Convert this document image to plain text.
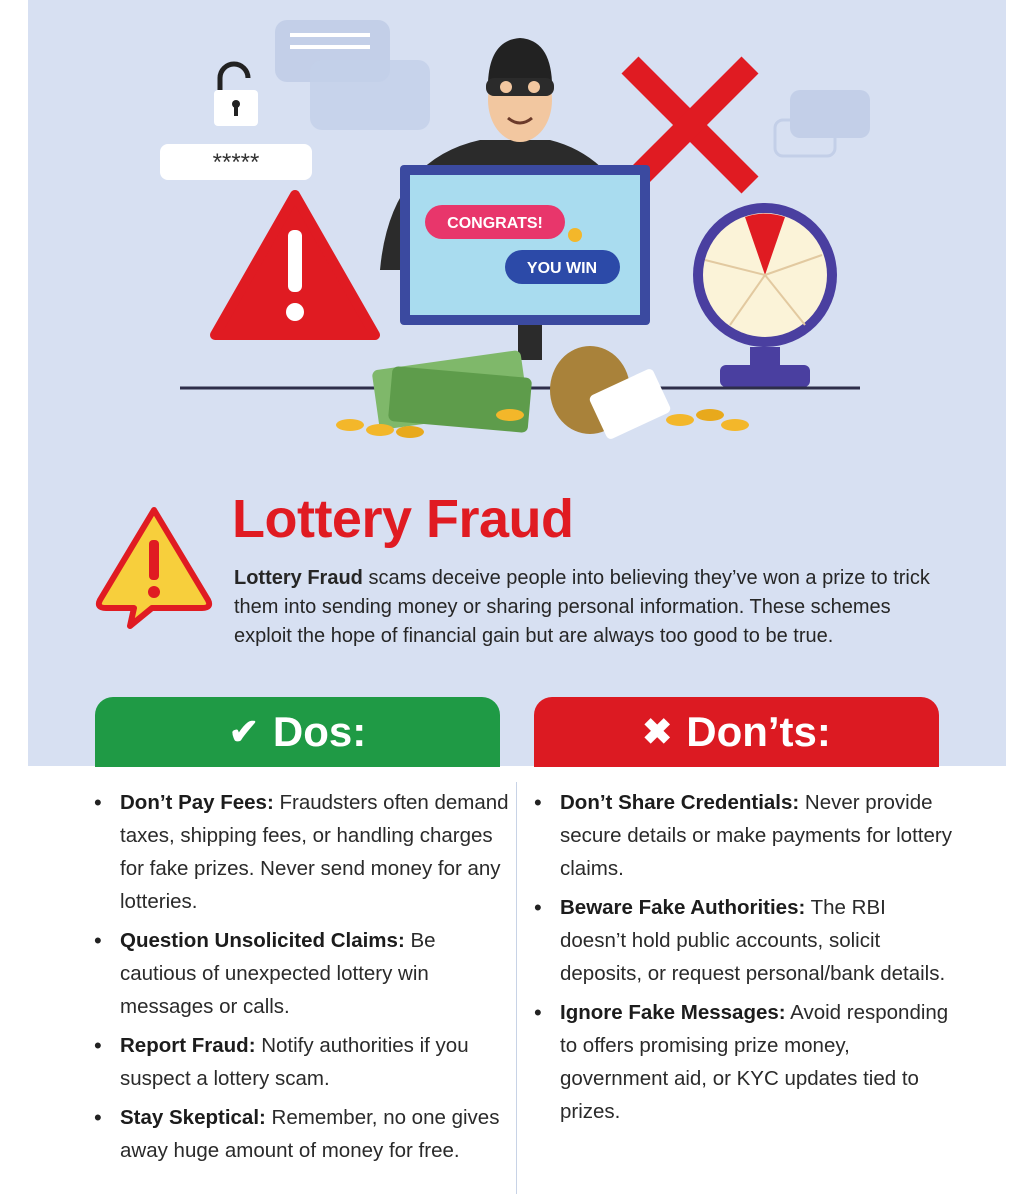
*****
CONGRATS!
YOU WIN
Lottery Fraud

Lottery Fraud scams deceive people into believing they’ve won a prize to trick them into sending money or sharing personal information. These schemes exploit the hope of financial gain but are always too good to be true.

✔ Dos:	✖ Don’ts:
• Don’t Pay Fees: Fraudsters often demand taxes, shipping fees, or handling charges for fake prizes. Never send money for any lotteries.
• Question Unsolicited Claims: Be cautious of unexpected lottery win messages or calls.
• Report Fraud: Notify authorities if you suspect a lottery scam.
• Stay Skeptical: Remember, no one gives away huge amount of money for free.
• Don’t Share Credentials: Never provide secure details or make payments for lottery claims.
• Beware Fake Authorities: The RBI doesn’t hold public accounts, solicit deposits, or request personal/bank details.
• Ignore Fake Messages: Avoid responding to offers promising prize money, government aid, or KYC updates tied to prizes.
